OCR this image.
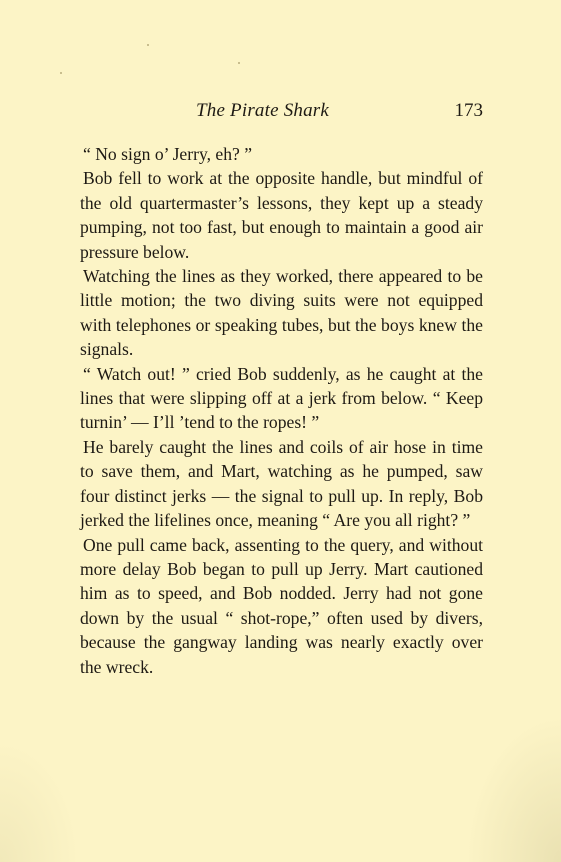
The Pirate Shark	173

“ No sign o’ Jerry, eh? ”

Bob fell to work at the opposite handle, but mindful of the old quartermaster’s lessons, they kept up a steady pumping, not too fast, but enough to maintain a good air pressure below.

Watching the lines as they worked, there appeared to be little motion; the two diving suits were not equipped with telephones or speaking tubes, but the boys knew the signals.

“ Watch out! ” cried Bob suddenly, as he caught at the lines that were slipping off at a jerk from below. “ Keep turnin’ — I’ll ’tend to the ropes! ”

He barely caught the lines and coils of air hose in time to save them, and Mart, watching as he pumped, saw four distinct jerks — the signal to pull up. In reply, Bob jerked the lifelines once, meaning “ Are you all right? ”

One pull came back, assenting to the query, and without more delay Bob began to pull up Jerry. Mart cautioned him as to speed, and Bob nodded. Jerry had not gone down by the usual “ shot-rope,” often used by divers, because the gangway landing was nearly exactly over the wreck.
